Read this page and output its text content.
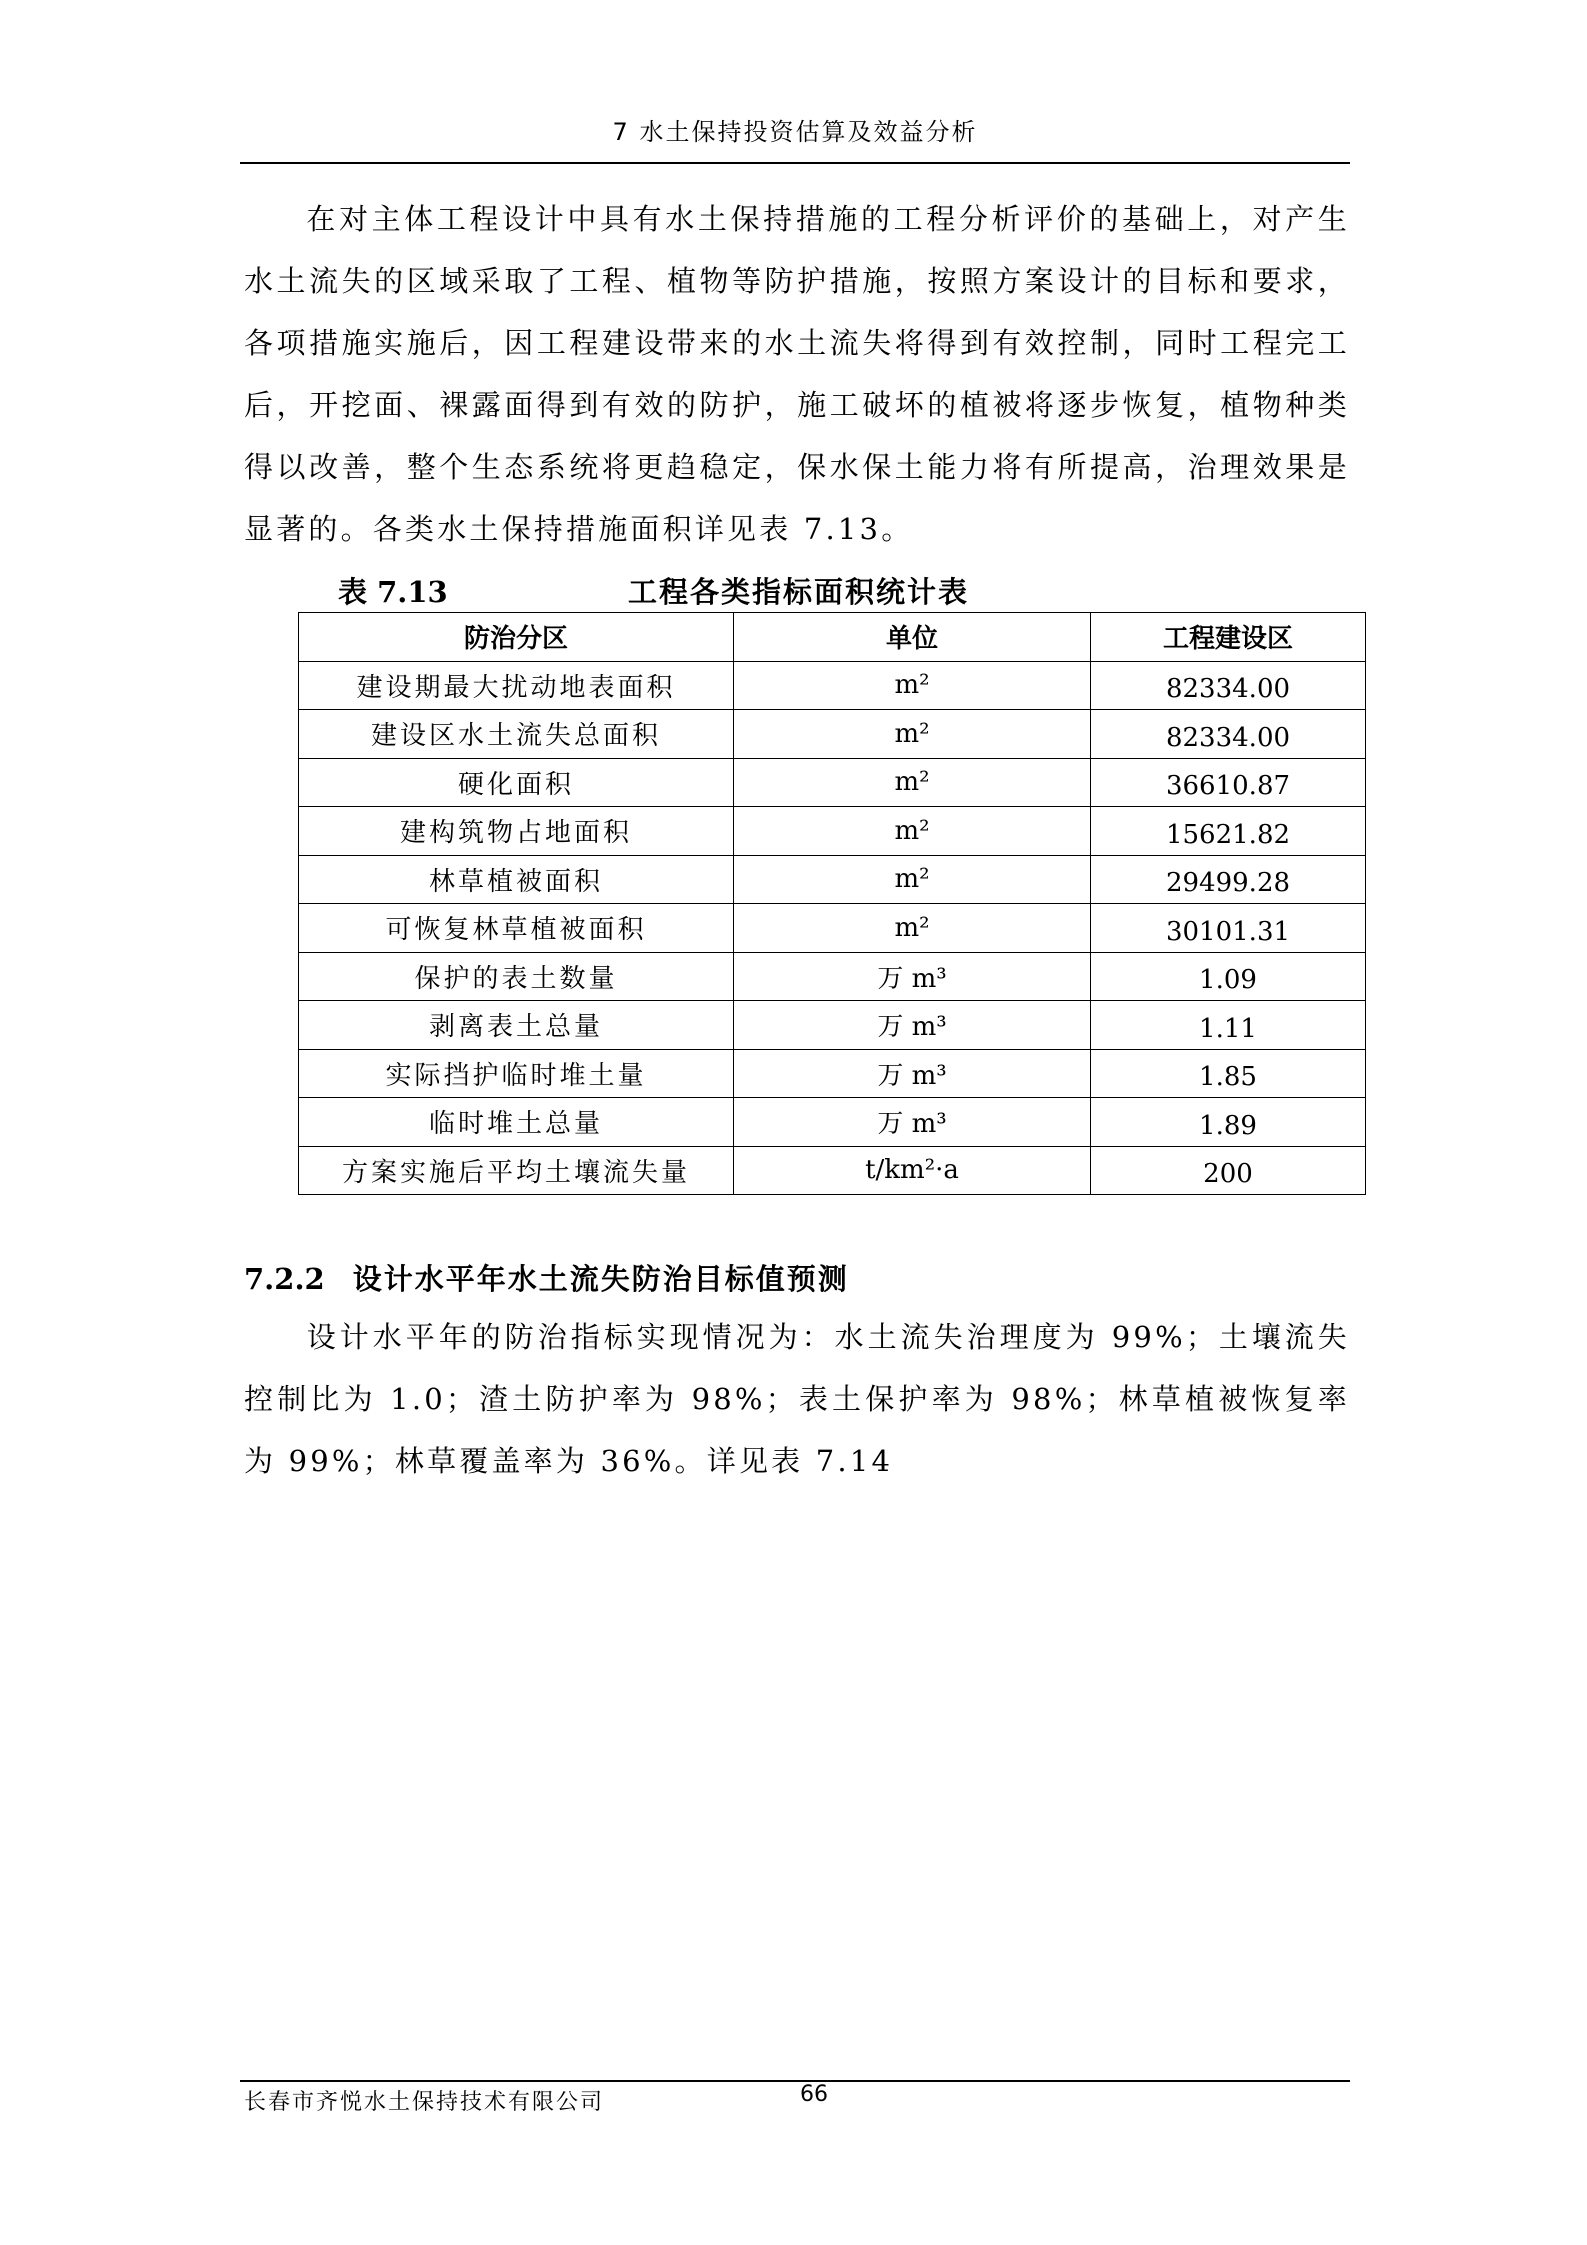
7 水土保持投资估算及效益分析

在对主体工程设计中具有水土保持措施的工程分析评价的基础上，对产生水土流失的区域采取了工程、植物等防护措施，按照方案设计的目标和要求，各项措施实施后，因工程建设带来的水土流失将得到有效控制，同时工程完工后，开挖面、裸露面得到有效的防护，施工破坏的植被将逐步恢复，植物种类得以改善，整个生态系统将更趋稳定，保水保土能力将有所提高，治理效果是显著的。各类水土保持措施面积详见表 7.13。

表 7.13	工程各类指标面积统计表
防治分区	单位	工程建设区
建设期最大扰动地表面积	m²	82334.00
建设区水土流失总面积	m²	82334.00
硬化面积	m²	36610.87
建构筑物占地面积	m²	15621.82
林草植被面积	m²	29499.28
可恢复林草植被面积	m²	30101.31
保护的表土数量	万 m³	1.09
剥离表土总量	万 m³	1.11
实际挡护临时堆土量	万 m³	1.85
临时堆土总量	万 m³	1.89
方案实施后平均土壤流失量	t/km²·a	200
7.2.2 设计水平年水土流失防治目标值预测

设计水平年的防治指标实现情况为：水土流失治理度为 99%；土壤流失控制比为 1.0；渣土防护率为 98%；表土保护率为 98%；林草植被恢复率为 99%；林草覆盖率为 36%。详见表 7.14

长春市齐悦水土保持技术有限公司	66
